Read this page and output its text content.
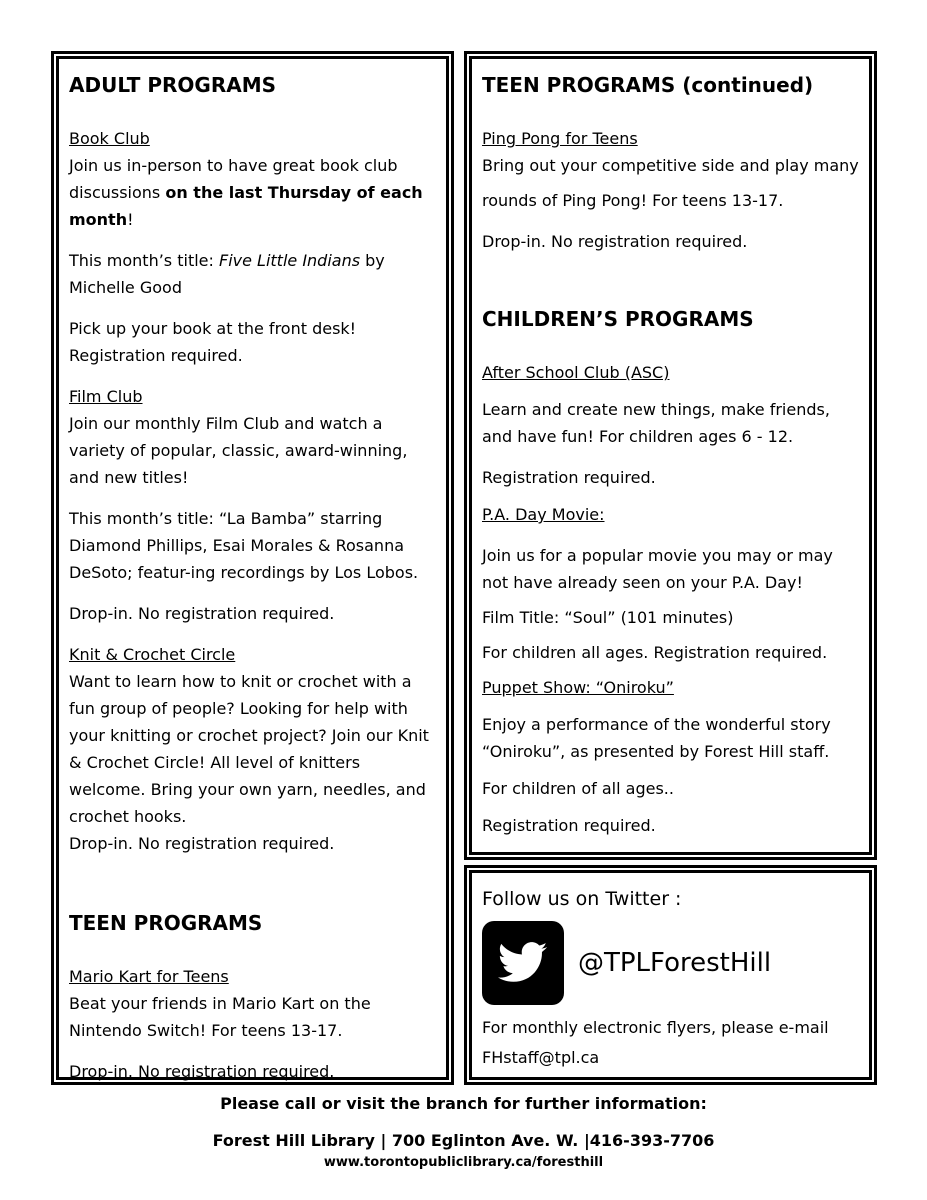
ADULT PROGRAMS

Book Club

Join us in-person to have great book club discussions on the last Thursday of each month!

This month’s title: Five Little Indians by Michelle Good

Pick up your book at the front desk!

Registration required.

Film Club

Join our monthly Film Club and watch a variety of popular, classic, award-winning, and new titles!

This month’s title: “La Bamba” starring Diamond Phillips, Esai Morales & Rosanna DeSoto; featur-ing recordings by Los Lobos.

Drop-in. No registration required.

Knit & Crochet Circle

Want to learn how to knit or crochet with a fun group of people? Looking for help with your knitting or crochet project? Join our Knit & Crochet Circle! All level of knitters welcome. Bring your own yarn, needles, and crochet hooks.

Drop-in. No registration required.

TEEN PROGRAMS

Mario Kart for Teens

Beat your friends in Mario Kart on the Nintendo Switch! For teens 13-17.

Drop-in. No registration required.

TEEN PROGRAMS (continued)

Ping Pong for Teens

Bring out your competitive side and play many

rounds of Ping Pong! For teens 13-17.

Drop-in. No registration required.

CHILDREN’S PROGRAMS

After School Club (ASC)

Learn and create new things, make friends, and have fun! For children ages 6 - 12.

Registration required.

P.A. Day Movie:

Join us for a popular movie you may or may not have already seen on your P.A. Day!

Film Title: “Soul” (101 minutes)

For children all ages. Registration required.

Puppet Show: “Oniroku”

Enjoy a performance of the wonderful story “Oniroku”, as presented by Forest Hill staff.

For children of all ages..

Registration required.

Follow us on Twitter :

@TPLForestHill

For monthly electronic flyers, please e-mail FHstaff@tpl.ca

Please call or visit the branch for further information:

Forest Hill Library | 700 Eglinton Ave. W. |416-393-7706

www.torontopubliclibrary.ca/foresthill
